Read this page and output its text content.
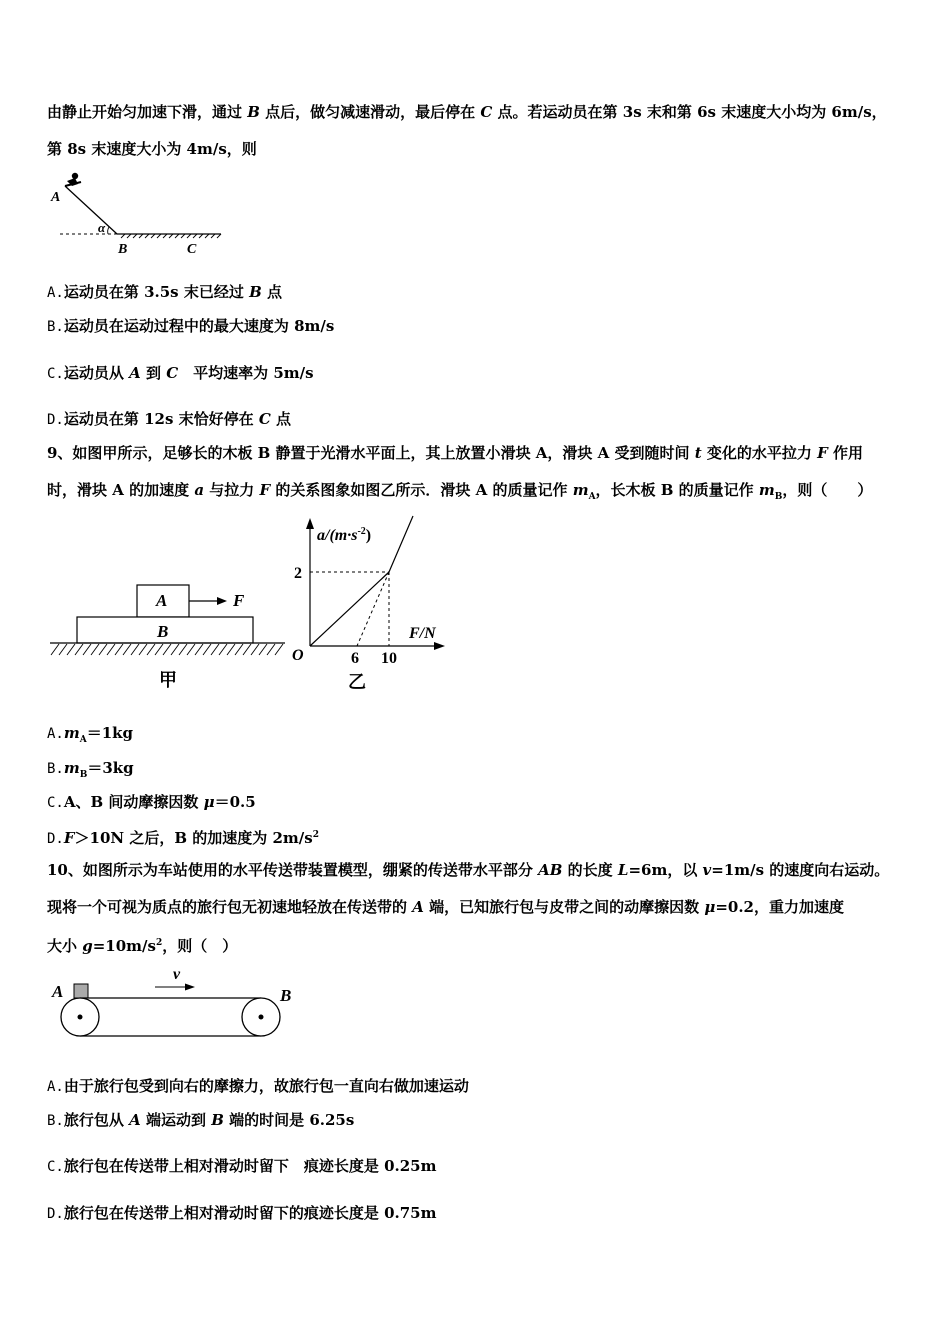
由静止开始匀加速下滑，通过 B 点后，做匀减速滑动，最后停在 C 点。若运动员在第 3s 末和第 6s 末速度大小均为 6m/s，
第 8s 末速度大小为 4m/s，则
A
α
B	C
A.运动员在第 3.5s 末已经过 B 点
B.运动员在运动过程中的最大速度为 8m/s
C.运动员从 A 到 C　平均速率为 5m/s
D.运动员在第 12s 末恰好停在 C 点
9、如图甲所示，足够长的木板 B 静置于光滑水平面上，其上放置小滑块 A，滑块 A 受到随时间 t 变化的水平拉力 F 作用
时，滑块 A 的加速度 a 与拉力 F 的关系图象如图乙所示．滑块 A 的质量记作 $m_A$，长木板 B 的质量记作 $m_B$，则（　　）
A	F
B
甲
$a/(m\cdot s^{-2})$
F/N
O
2
6 10
乙
$A.m_A=1kg$
$B.m_B=3kg$
C.A、B 间动摩擦因数 μ＝0.5
D.F＞10N 之后，B 的加速度为 $2m/s^2$
10、如图所示为车站使用的水平传送带装置模型，绷紧的传送带水平部分 AB 的长度 L=6m，以 v=1m/s 的速度向右运动。
现将一个可视为质点的旅行包无初速地轻放在传送带的 A 端，已知旅行包与皮带之间的动摩擦因数 μ=0.2，重力加速度
大小 $g=10m/s^2$，则（　）
A
v
B
A.由于旅行包受到向右的摩擦力，故旅行包一直向右做加速运动
B.旅行包从 A 端运动到 B 端的时间是 6.25s
C.旅行包在传送带上相对滑动时留下　痕迹长度是 0.25m
D.旅行包在传送带上相对滑动时留下的痕迹长度是 0.75m
